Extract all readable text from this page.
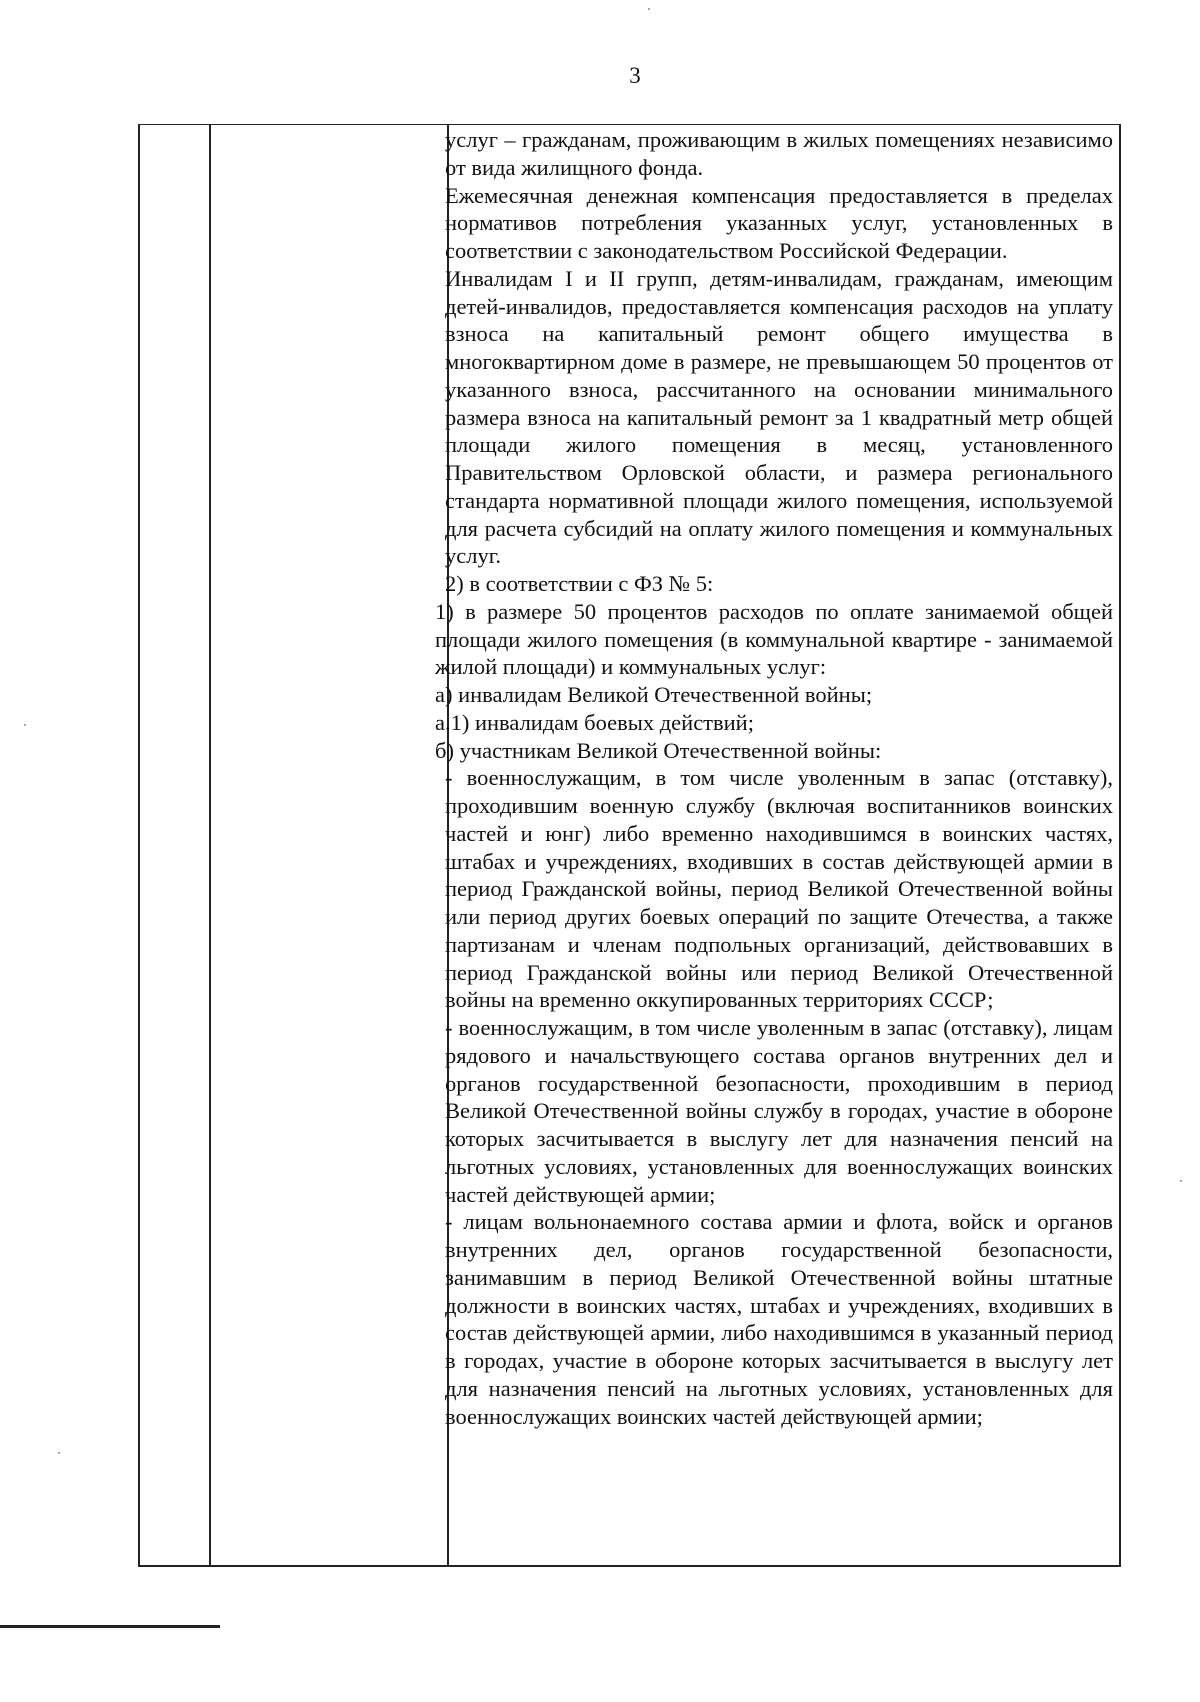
3

услуг – гражданам, проживающим в жилых помещениях независимо от вида жилищного фонда.

Ежемесячная денежная компенсация предоставляется в пределах нормативов потребления указанных услуг, установленных в соответствии с законодательством Российской Федерации.

Инвалидам I и II групп, детям-инвалидам, гражданам, имеющим детей-инвалидов, предоставляется компенсация расходов на уплату взноса на капитальный ремонт общего имущества в многоквартирном доме в размере, не превышающем 50 процентов от указанного взноса, рассчитанного на основании минимального размера взноса на капитальный ремонт за 1 квадратный метр общей площади жилого помещения в месяц, установленного Правительством Орловской области, и размера регионального стандарта нормативной площади жилого помещения, используемой для расчета субсидий на оплату жилого помещения и коммунальных услуг.

2) в соответствии с ФЗ № 5:

1) в размере 50 процентов расходов по оплате занимаемой общей площади жилого помещения (в коммунальной квартире - занимаемой жилой площади) и коммунальных услуг:

а) инвалидам Великой Отечественной войны;

а.1) инвалидам боевых действий;

б) участникам Великой Отечественной войны:

- военнослужащим, в том числе уволенным в запас (отставку), проходившим военную службу (включая воспитанников воинских частей и юнг) либо временно находившимся в воинских частях, штабах и учреждениях, входивших в состав действующей армии в период Гражданской войны, период Великой Отечественной войны или период других боевых операций по защите Отечества, а также партизанам и членам подпольных организаций, действовавших в период Гражданской войны или период Великой Отечественной войны на временно оккупированных территориях СССР;

- военнослужащим, в том числе уволенным в запас (отставку), лицам рядового и начальствующего состава органов внутренних дел и органов государственной безопасности, проходившим в период Великой Отечественной войны службу в городах, участие в обороне которых засчитывается в выслугу лет для назначения пенсий на льготных условиях, установленных для военнослужащих воинских частей действующей армии;

- лицам вольнонаемного состава армии и флота, войск и органов внутренних дел, органов государственной безопасности, занимавшим в период Великой Отечественной войны штатные должности в воинских частях, штабах и учреждениях, входивших в состав действующей армии, либо находившимся в указанный период в городах, участие в обороне которых засчитывается в выслугу лет для назначения пенсий на льготных условиях, установленных для военнослужащих воинских частей действующей армии;
